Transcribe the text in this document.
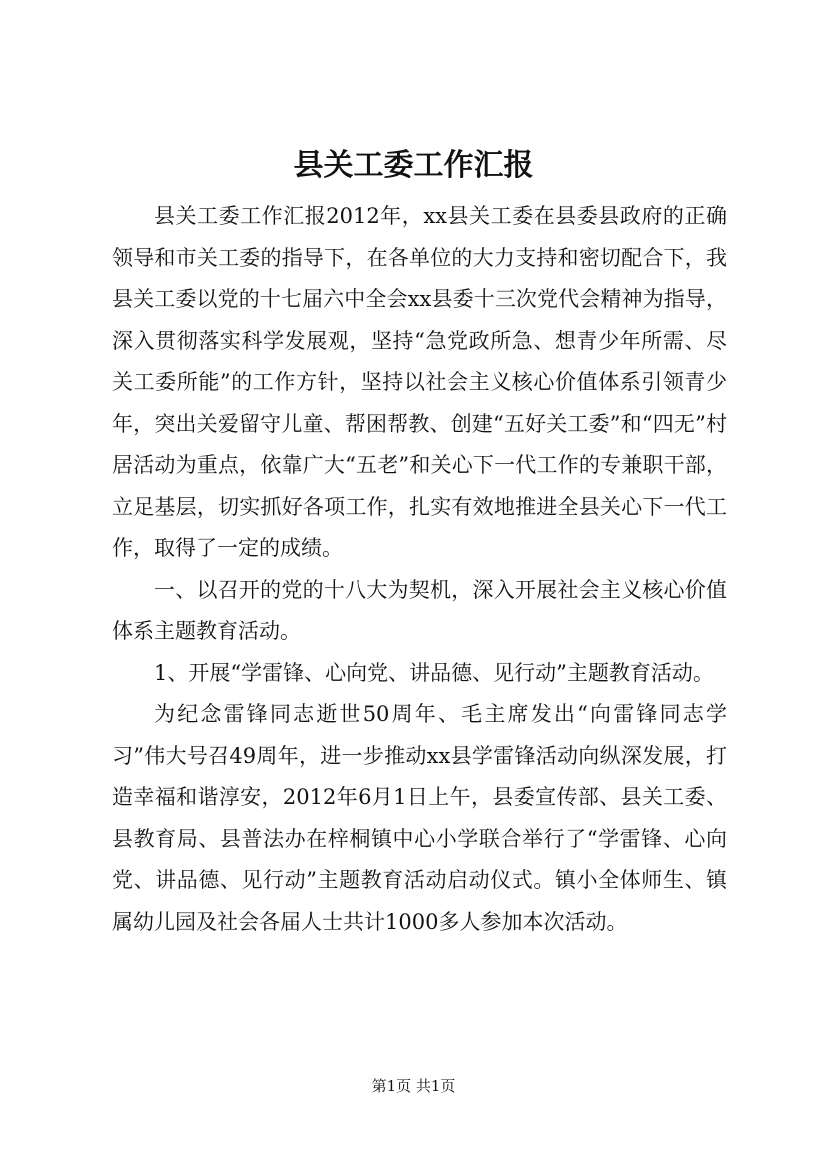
县关工委工作汇报

县关工委工作汇报2012年，xx县关工委在县委县政府的正确领导和市关工委的指导下，在各单位的大力支持和密切配合下，我县关工委以党的十七届六中全会xx县委十三次党代会精神为指导，深入贯彻落实科学发展观，坚持“急党政所急、想青少年所需、尽关工委所能”的工作方针，坚持以社会主义核心价值体系引领青少年，突出关爱留守儿童、帮困帮教、创建“五好关工委”和“四无”村居活动为重点，依靠广大“五老”和关心下一代工作的专兼职干部，立足基层，切实抓好各项工作，扎实有效地推进全县关心下一代工作，取得了一定的成绩。

一、以召开的党的十八大为契机，深入开展社会主义核心价值体系主题教育活动。

1、开展“学雷锋、心向党、讲品德、见行动”主题教育活动。

为纪念雷锋同志逝世50周年、毛主席发出“向雷锋同志学习”伟大号召49周年，进一步推动xx县学雷锋活动向纵深发展，打造幸福和谐淳安，2012年6月1日上午，县委宣传部、县关工委、县教育局、县普法办在梓桐镇中心小学联合举行了“学雷锋、心向党、讲品德、见行动”主题教育活动启动仪式。镇小全体师生、镇属幼儿园及社会各届人士共计1000多人参加本次活动。

第1页 共1页
